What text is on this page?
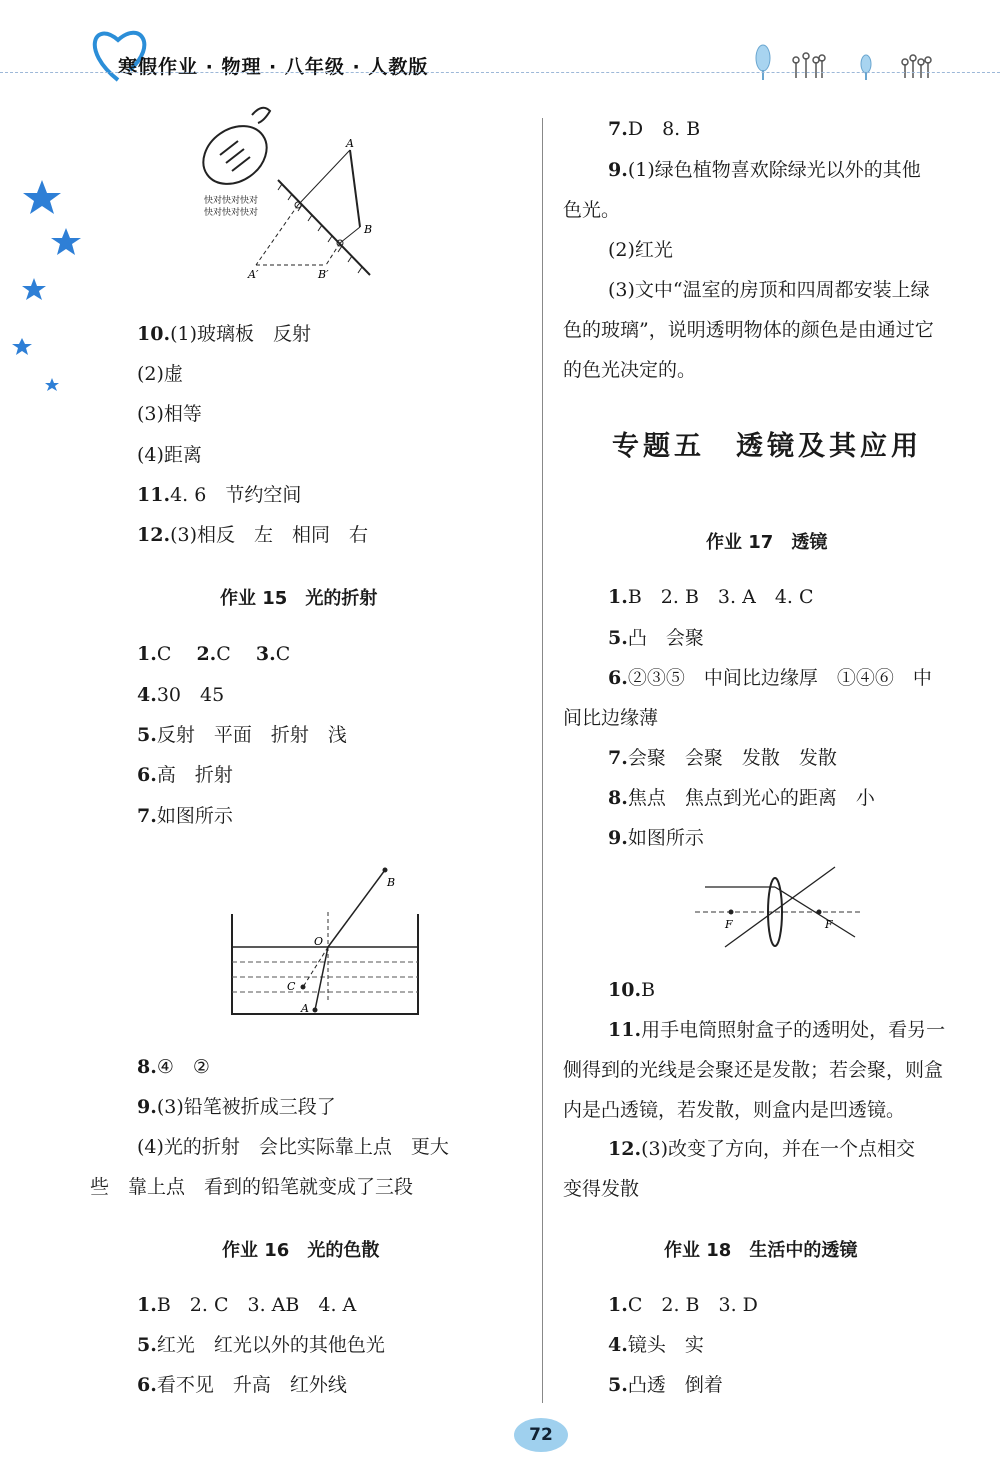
寒假作业 · 物理 · 八年级 · 人教版
快对快对快对
快对快对快对
A
B
A′	B′
10.(1)玻璃板　反射
(2)虚
(3)相等
(4)距离
11.4. 6　节约空间
12.(3)相反　左　相同　右
作业 15　光的折射
1.C　 2.C　 3.C
4.30　45
5.反射　平面　折射　浅
6.高　折射
7.如图所示
B
O
C
A
8.④　②
9.(3)铅笔被折成三段了
(4)光的折射　会比实际靠上点　更大
些　靠上点　看到的铅笔就变成了三段
作业 16　光的色散
1.B　2. C　3. AB　4. A
5.红光　红光以外的其他色光
6.看不见　升高　红外线
7.D　8. B
9.(1)绿色植物喜欢除绿光以外的其他
色光。
(2)红光
(3)文中“温室的房顶和四周都安装上绿
色的玻璃”，说明透明物体的颜色是由通过它
的色光决定的。
专题五　透镜及其应用
作业 17　透镜
1.B　2. B　3. A　4. C
5.凸　会聚
6.②③⑤　中间比边缘厚　①④⑥　中
间比边缘薄
7.会聚　会聚　发散　发散
8.焦点　焦点到光心的距离　小
9.如图所示
F	F
10.B
11.用手电筒照射盒子的透明处，看另一
侧得到的光线是会聚还是发散；若会聚，则盒
内是凸透镜，若发散，则盒内是凹透镜。
12.(3)改变了方向，并在一个点相交
变得发散
作业 18　生活中的透镜
1.C　2. B　3. D
4.镜头　实
5.凸透　倒着
72
